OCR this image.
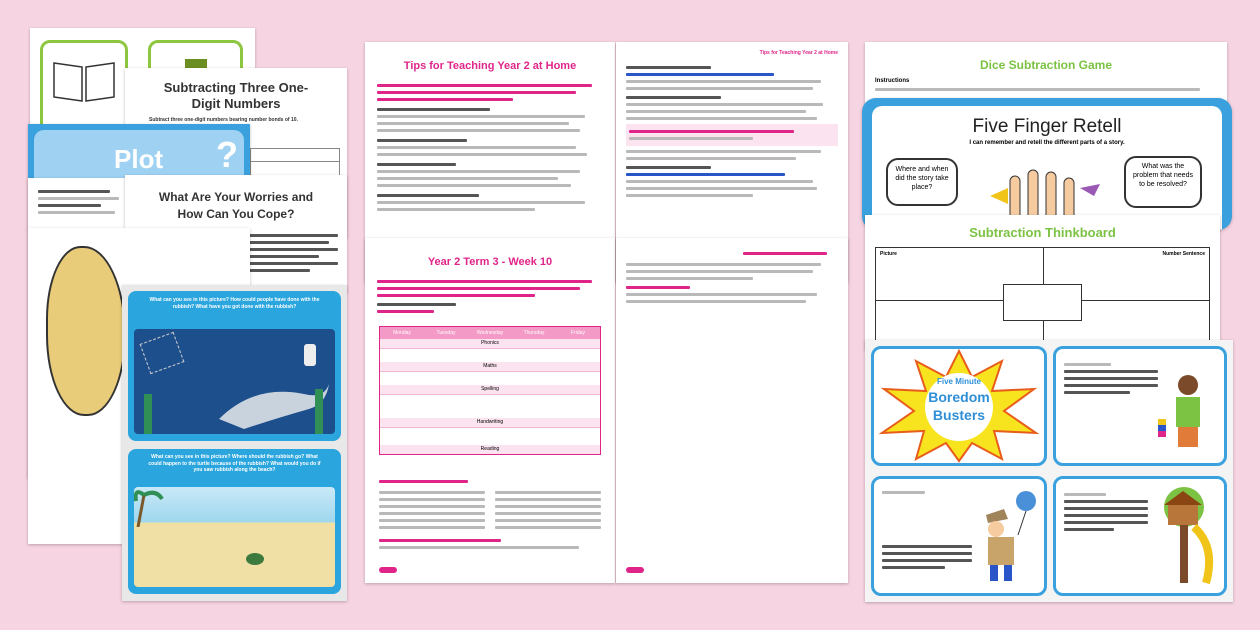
Subtracting Three One-Digit Numbers
Subtract three one-digit numbers bearing number bonds of 10.
Plot ?
What Are Your Worries and How Can You Cope?
What can you see in this picture? How could people have done with the rubbish? What have you got done with the rubbish?
What can you see in this picture? Where should the rubbish go? What could happen to the turtle because of the rubbish? What would you do if you saw rubbish along the beach?
Tips for Teaching Year 2 at Home
Tips for Teaching Year 2 at Home
Year 2 Term 3 - Week 10
Monday	Tuesday	Wednesday	Thursday	Friday
Phonics
Maths
Spelling
Handwriting
Reading
Dice Subtraction Game
Instructions
Five Finger Retell
I can remember and retell the different parts of a story.
Where and when did the story take place?
What was the problem that needs to be resolved?
Subtraction Thinkboard
Picture	Number Sentence
Five Minute
Boredom
Busters
